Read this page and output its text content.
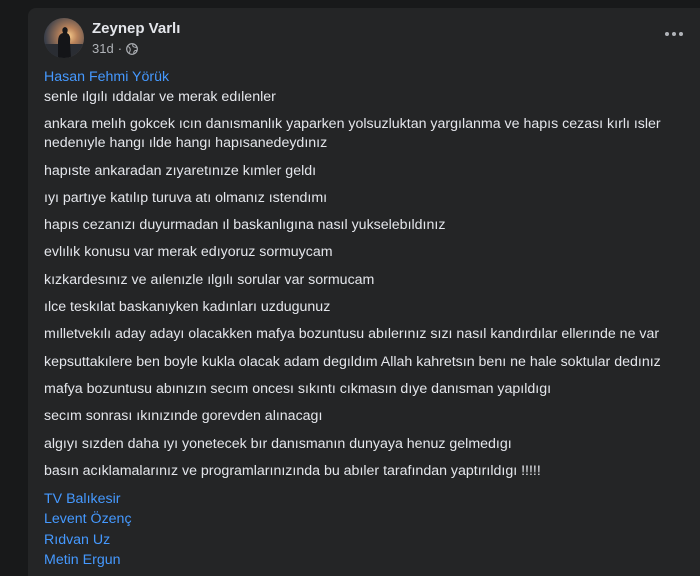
Zeynep Varlı
31d ·
Hasan Fehmi Yörük

senle ılgılı ıddalar ve merak edılenler

ankara melıh gokcek ıcın danısmanlık yaparken yolsuzluktan yargılanma ve hapıs cezası kırlı ısler nedenıyle hangı ılde hangı hapısanedeydınız

hapıste ankaradan zıyaretınıze kımler geldı

ıyı partıye katılıp turuva atı olmanız ıstendımı

hapıs cezanızı duyurmadan ıl baskanlıgına nasıl yukselebıldınız

evlılık konusu var merak edıyoruz sormuycam

kızkardesınız ve aılenızle ılgılı sorular var sormucam

ılce teskılat baskanıyken kadınları uzdugunuz

mılletvekılı aday adayı olacakken mafya bozuntusu abılerınız sızı nasıl kandırdılar ellerınde ne var

kepsuttakılere ben boyle kukla olacak adam degıldım Allah kahretsın benı ne hale soktular dedınız

mafya bozuntusu abınızın secım oncesı sıkıntı cıkmasın dıye danısman yapıldıgı

secım sonrası ıkınızınde gorevden alınacagı

algıyı sızden daha ıyı yonetecek bır danısmanın dunyaya henuz gelmedıgı

basın acıklamalarınız ve programlarınızında bu abıler tarafından yaptırıldıgı !!!!!

TV Balıkesir
Levent Özenç
Rıdvan Uz
Metin Ergun
